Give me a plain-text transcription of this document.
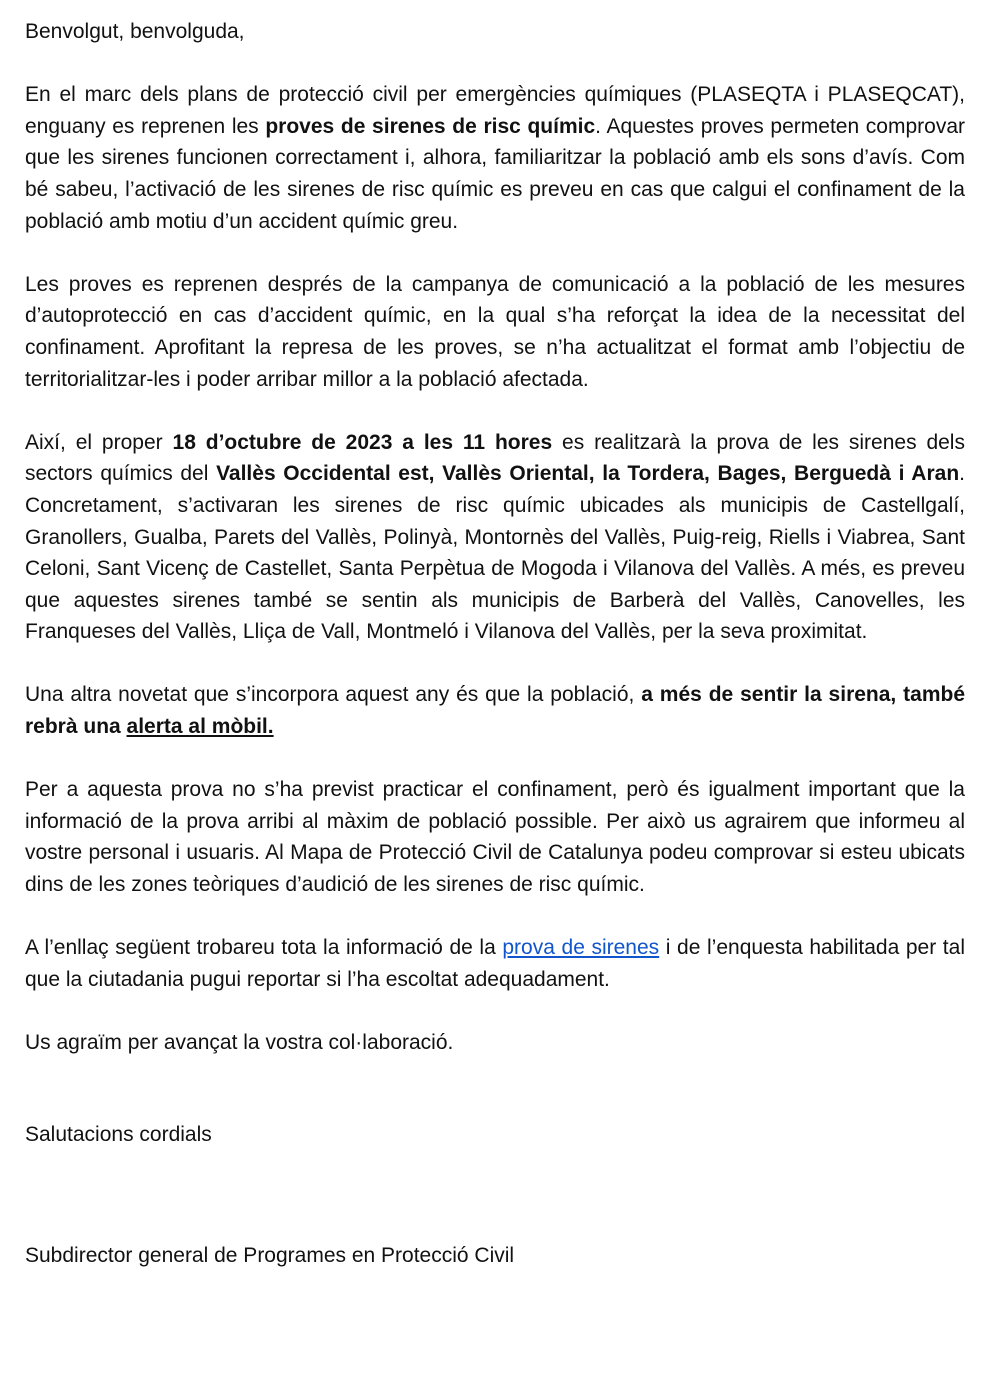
Benvolgut, benvolguda,

En el marc dels plans de protecció civil per emergències químiques (PLASEQTA i PLASEQCAT), enguany es reprenen les proves de sirenes de risc químic. Aquestes proves permeten comprovar que les sirenes funcionen correctament i, alhora, familiaritzar la població amb els sons d’avís. Com bé sabeu, l’activació de les sirenes de risc químic es preveu en cas que calgui el confinament de la població amb motiu d’un accident químic greu.

Les proves es reprenen després de la campanya de comunicació a la població de les mesures d’autoprotecció en cas d’accident químic, en la qual s’ha reforçat la idea de la necessitat del confinament. Aprofitant la represa de les proves, se n’ha actualitzat el format amb l’objectiu de territorialitzar-les i poder arribar millor a la població afectada.

Així, el proper 18 d’octubre de 2023 a les 11 hores es realitzarà la prova de les sirenes dels sectors químics del Vallès Occidental est, Vallès Oriental, la Tordera, Bages, Berguedà i Aran. Concretament, s’activaran les sirenes de risc químic ubicades als municipis de Castellgalí, Granollers, Gualba, Parets del Vallès, Polinyà, Montornès del Vallès, Puig-reig, Riells i Viabrea, Sant Celoni, Sant Vicenç de Castellet, Santa Perpètua de Mogoda i Vilanova del Vallès. A més, es preveu que aquestes sirenes també se sentin als municipis de Barberà del Vallès, Canovelles, les Franqueses del Vallès, Lliça de Vall, Montmeló i Vilanova del Vallès, per la seva proximitat.

Una altra novetat que s’incorpora aquest any és que la població, a més de sentir la sirena, també rebrà una alerta al mòbil.

Per a aquesta prova no s’ha previst practicar el confinament, però és igualment important que la informació de la prova arribi al màxim de població possible. Per això us agrairem que informeu al vostre personal i usuaris. Al Mapa de Protecció Civil de Catalunya podeu comprovar si esteu ubicats dins de les zones teòriques d’audició de les sirenes de risc químic.

A l’enllaç següent trobareu tota la informació de la prova de sirenes i de l’enquesta habilitada per tal que la ciutadania pugui reportar si l’ha escoltat adequadament.

Us agraïm per avançat la vostra col·laboració.

Salutacions cordials

Subdirector general de Programes en Protecció Civil
